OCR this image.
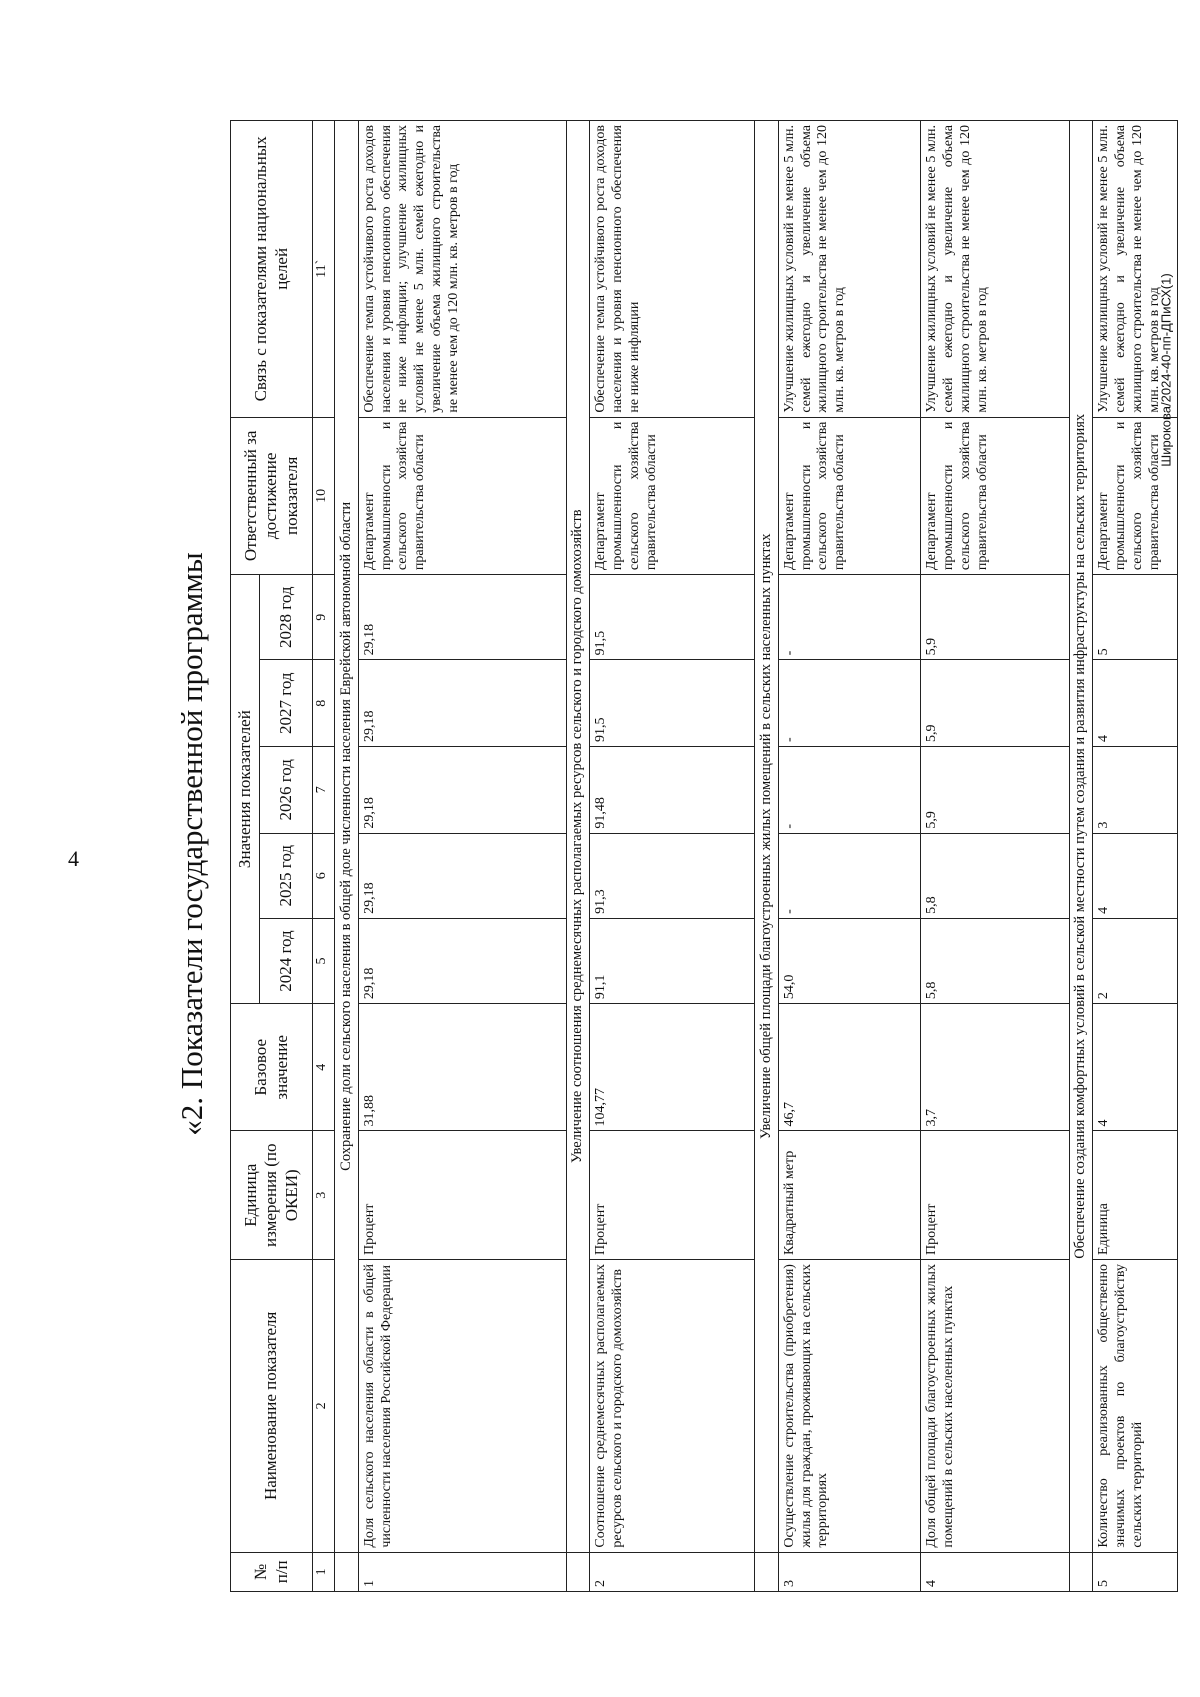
4	«2. Показатели государственной программы
Широкова/2024-40-пп-ДПиСХ(1)
№ п/п	Наименование показателя	Единица измерения (по ОКЕИ)	Базовое значение	Значения показателей					Ответственный за достижение показателя	Связь с показателями национальных целей
				2024 год	2025 год	2026 год	2027 год	2028 год		
1	2	3	4	5	6	7	8	9	10	11`
	Сохранение доли сельского населения в общей доле численности населения Еврейской автономной области									
1	Доля сельского населения области в общей численности населения Российской Федерации	Процент	31,88	29,18	29,18	29,18	29,18	29,18	Департамент промышленности и сельского хозяйства правительства области	Обеспечение темпа устойчивого роста доходов населения и уровня пенсионного обеспечения не ниже инфляции; улучшение жилищных условий не менее 5 млн. семей ежегодно и увеличение объема жилищного строительства не менее чем до 120 млн. кв. метров в год
	Увеличение соотношения среднемесячных располагаемых ресурсов сельского и городского домохозяйств									
2	Соотношение среднемесячных располагаемых ресурсов сельского и городского домохозяйств	Процент	104,77	91,1	91,3	91,48	91,5	91,5	Департамент промышленности и сельского хозяйства правительства области	Обеспечение темпа устойчивого роста доходов населения и уровня пенсионного обеспечения не ниже инфляции
	Увеличение общей площади благоустроенных жилых помещений в сельских населенных пунктах									
3	Осуществление строительства (приобретения) жилья для граждан, проживающих на сельских территориях	Квадратный метр	46,7	54,0	-	-	-	-	Департамент промышленности и сельского хозяйства правительства области	Улучшение жилищных условий не менее 5 млн. семей ежегодно и увеличение объема жилищного строительства не менее чем до 120 млн. кв. метров в год
4	Доля общей площади благоустроенных жилых помещений в сельских населенных пунктах	Процент	3,7	5,8	5,8	5,9	5,9	5,9	Департамент промышленности и сельского хозяйства правительства области	Улучшение жилищных условий не менее 5 млн. семей ежегодно и увеличение объема жилищного строительства не менее чем до 120 млн. кв. метров в год
	Обеспечение создания комфортных условий в сельской местности путем создания и развития инфраструктуры на сельских территориях									
5	Количество реализованных общественно значимых проектов по благоустройству сельских территорий	Единица	4	2	4	3	4	5	Департамент промышленности и сельского хозяйства правительства области	Улучшение жилищных условий не менее 5 млн. семей ежегодно и увеличение объема жилищного строительства не менее чем до 120 млн. кв. метров в год
